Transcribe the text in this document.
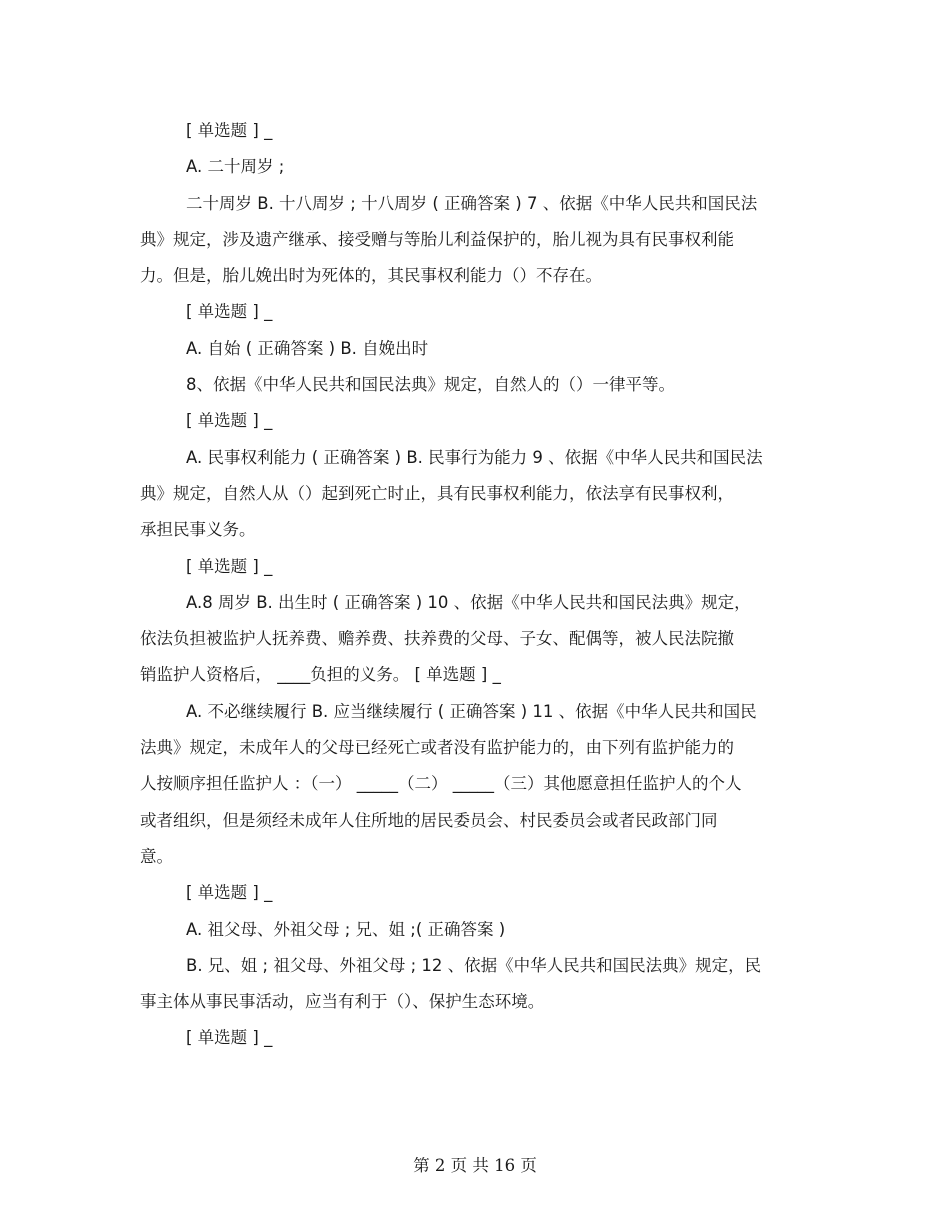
[ 单选题 ] _

A. 二十周岁 ;

二十周岁 B. 十八周岁 ; 十八周岁 ( 正确答案 ) 7 、依据《中华人民共和国民法
典》规定，涉及遗产继承、接受赠与等胎儿利益保护的，胎儿视为具有民事权利能
力。但是，胎儿娩出时为死体的，其民事权利能力（）不存在。

[ 单选题 ] _

A. 自始 ( 正确答案 ) B. 自娩出时

8、依据《中华人民共和国民法典》规定，自然人的（）一律平等。

[ 单选题 ] _

A. 民事权利能力 ( 正确答案 ) B. 民事行为能力 9 、依据《中华人民共和国民法
典》规定，自然人从（）起到死亡时止，具有民事权利能力，依法享有民事权利，
承担民事义务。

[ 单选题 ] _

A.8 周岁 B. 出生时 ( 正确答案 ) 10 、依据《中华人民共和国民法典》规定，
依法负担被监护人抚养费、赡养费、扶养费的父母、子女、配偶等，被人民法院撤
销监护人资格后， ____负担的义务。 [ 单选题 ] _

A. 不必继续履行 B. 应当继续履行 ( 正确答案 ) 11 、依据《中华人民共和国民
法典》规定，未成年人的父母已经死亡或者没有监护能力的，由下列有监护能力的
人按顺序担任监护人 ：（一） _____（二） _____（三）其他愿意担任监护人的个人
或者组织，但是须经未成年人住所地的居民委员会、村民委员会或者民政部门同
意。

[ 单选题 ] _

A. 祖父母、外祖父母 ; 兄、姐 ;( 正确答案 )

B. 兄、姐 ; 祖父母、外祖父母 ; 12 、依据《中华人民共和国民法典》规定，民
事主体从事民事活动，应当有利于（）、保护生态环境。

[ 单选题 ] _

第 2 页 共 16 页
